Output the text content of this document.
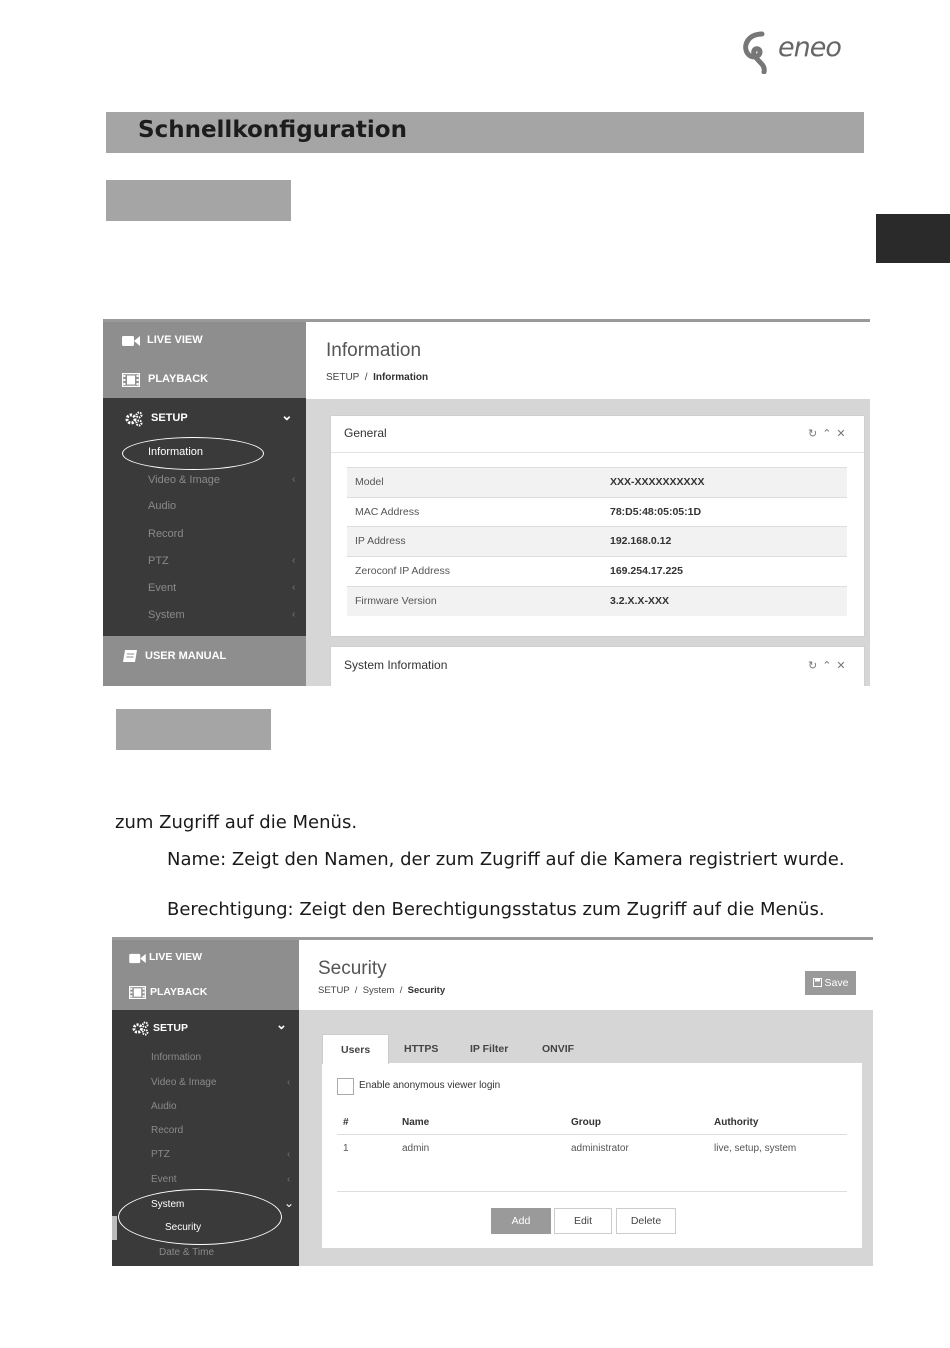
eneo
Schnellkonfiguration
LIVE VIEW
PLAYBACK
SETUP	⌄
Information
Video & Image	‹
Audio
Record
PTZ	‹
Event	‹
System	‹
USER MANUAL
Information
SETUP / Information
General	↻⌃✕
Model	XXX-XXXXXXXXXX
MAC Address	78:D5:48:05:05:1D
IP Address	192.168.0.12
Zeroconf IP Address	169.254.17.225
Firmware Version	3.2.X.X-XXX
System Information	↻⌃✕
zum Zugriff auf die Menüs.
Name: Zeigt den Namen, der zum Zugriff auf die Kamera registriert wurde.
Berechtigung: Zeigt den Berechtigungsstatus zum Zugriff auf die Menüs.
LIVE VIEW
PLAYBACK
SETUP	⌄
Information
Video & Image	‹
Audio
Record
PTZ	‹
Event	‹
System	⌄
Security
Date & Time
Security
SETUP / System / Security
Save
Users	HTTPS	IP Filter	ONVIF
Enable anonymous viewer login
#	Name	Group	Authority
1	admin	administrator	live, setup, system
Add	Edit	Delete
